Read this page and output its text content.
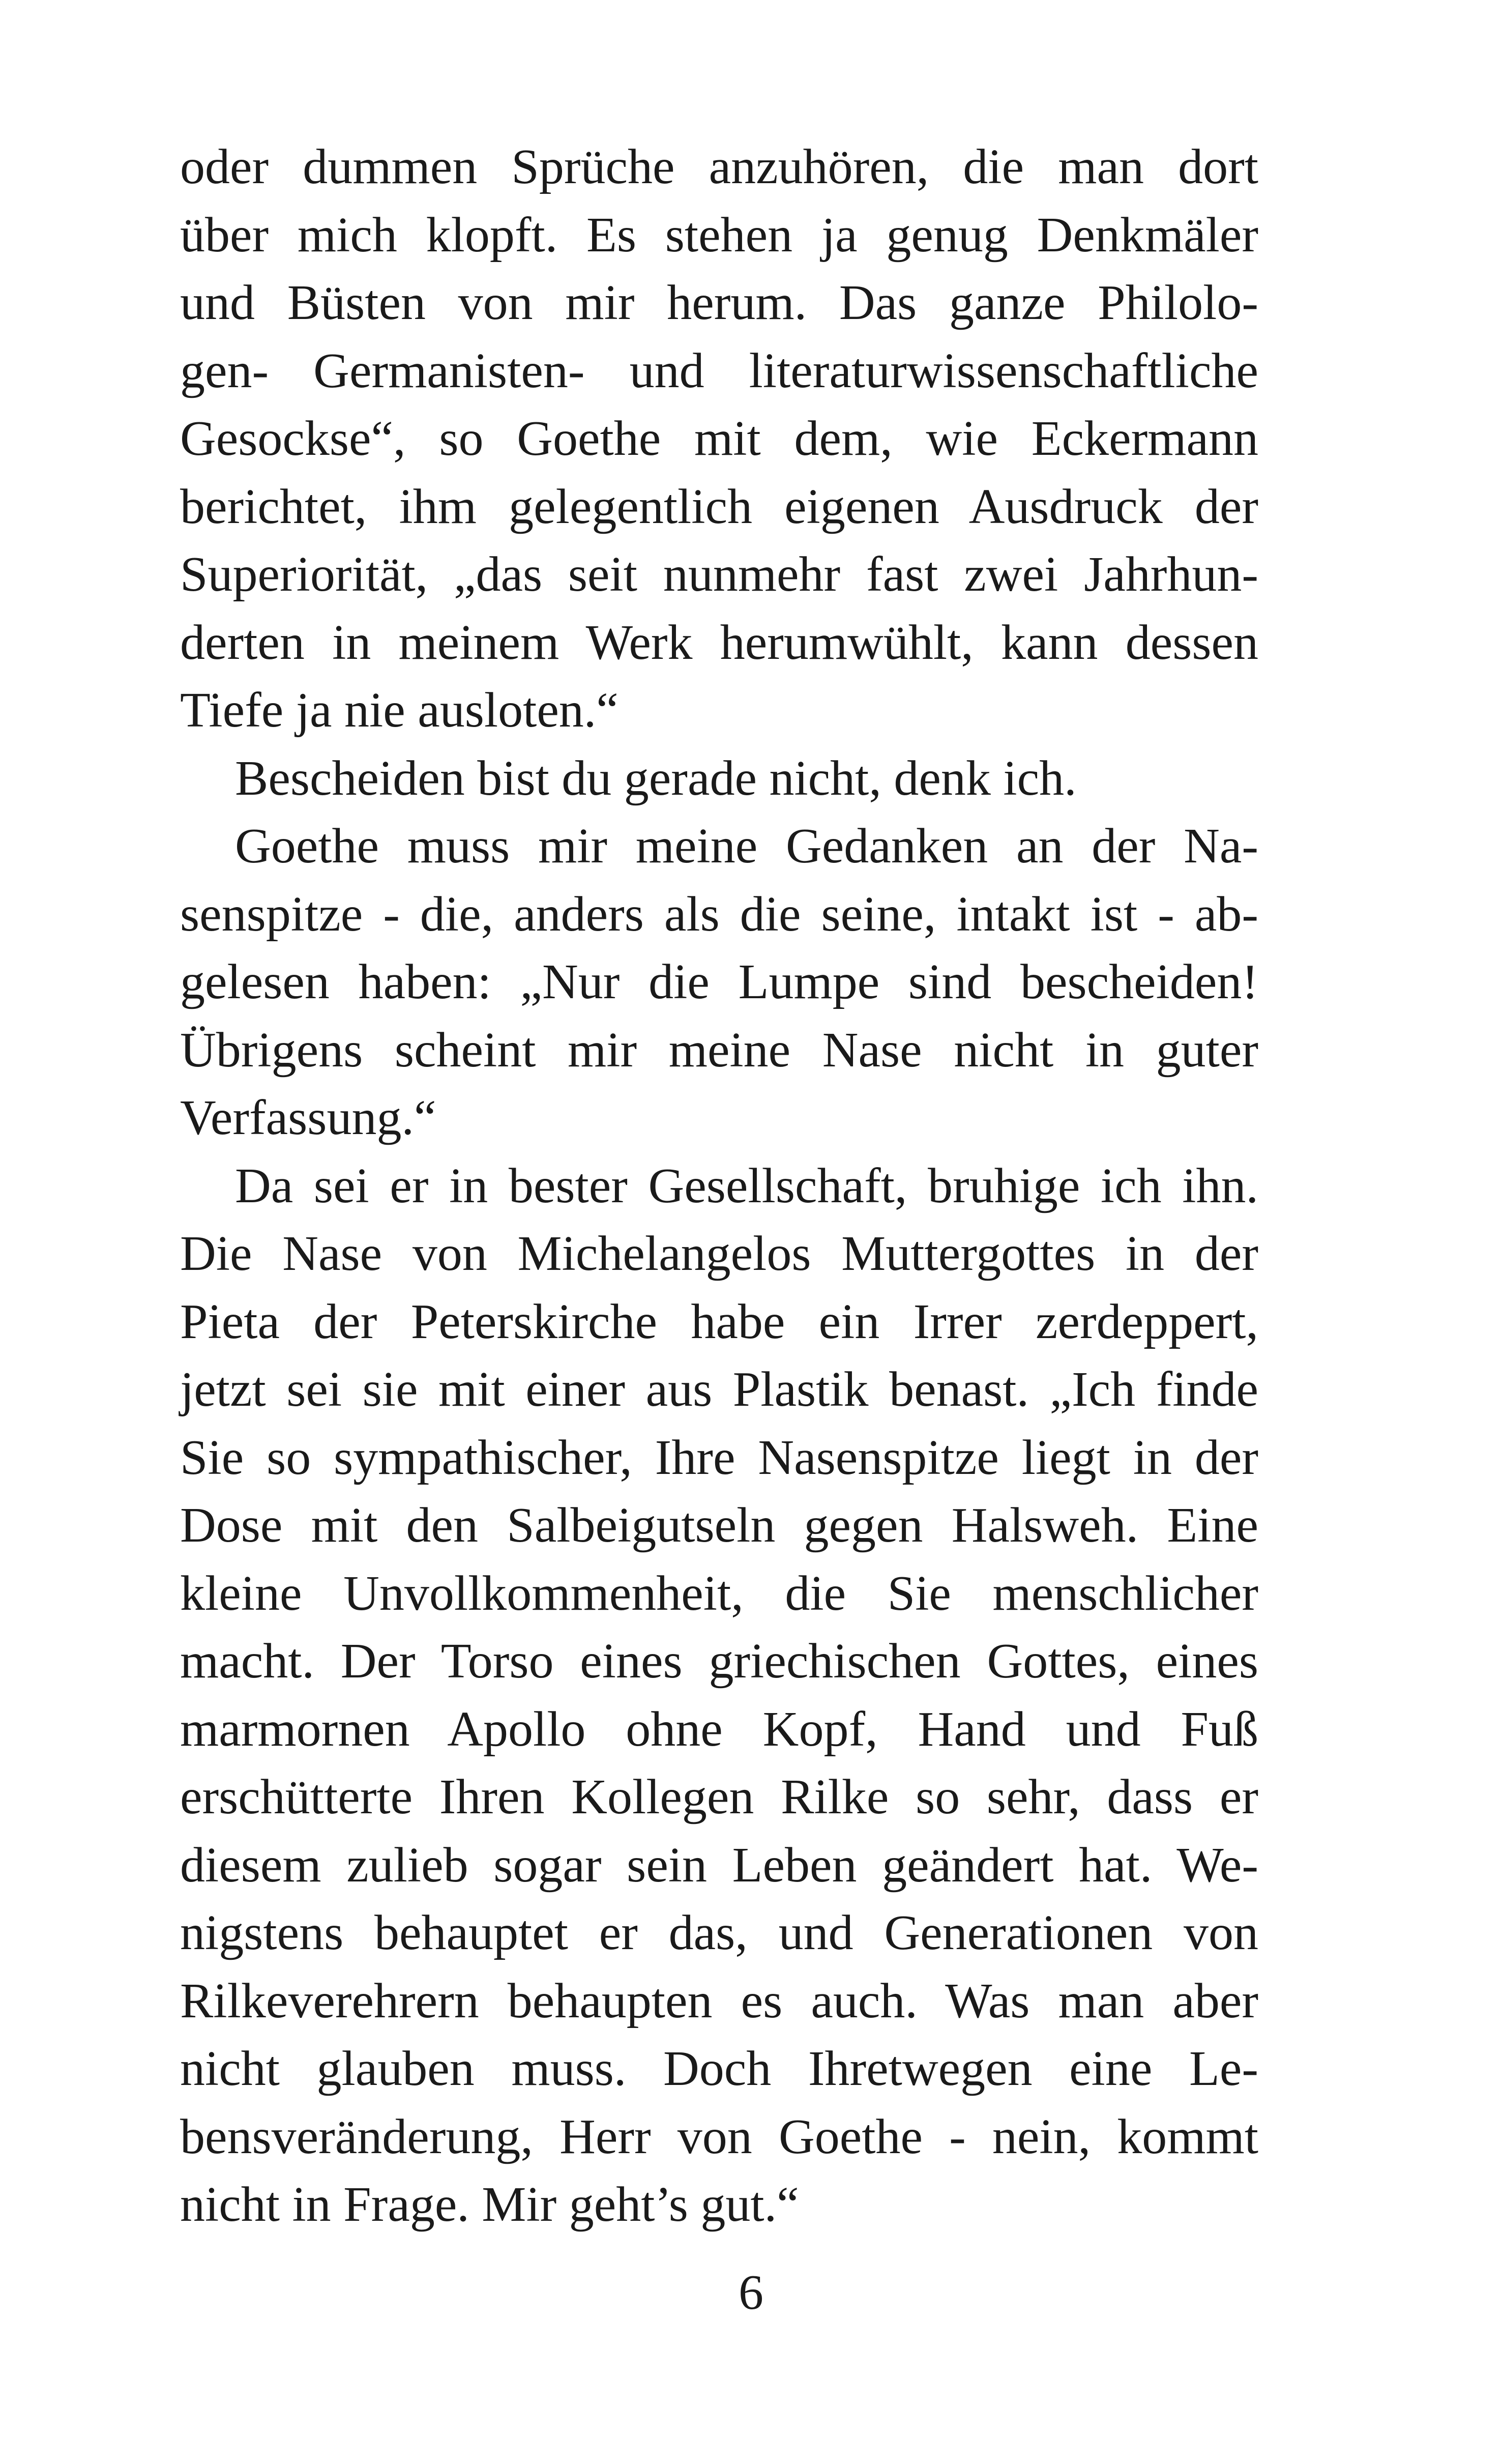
oder dummen Sprüche anzuhören, die man dort
über mich klopft. Es stehen ja genug Denkmäler
und Büsten von mir herum. Das ganze Philolo-
gen- Germanisten- und literaturwissenschaftliche
Gesockse“, so Goethe mit dem, wie Eckermann
berichtet, ihm gelegentlich eigenen Ausdruck der
Superiorität, „das seit nunmehr fast zwei Jahrhun-
derten in meinem Werk herumwühlt, kann dessen
Tiefe ja nie ausloten.“
Bescheiden bist du gerade nicht, denk ich.
Goethe muss mir meine Gedanken an der Na-
senspitze - die, anders als die seine, intakt ist - ab-
gelesen haben: „Nur die Lumpe sind bescheiden!
Übrigens scheint mir meine Nase nicht in guter
Verfassung.“
Da sei er in bester Gesellschaft, bruhige ich ihn.
Die Nase von Michelangelos Muttergottes in der
Pieta der Peterskirche habe ein Irrer zerdeppert,
jetzt sei sie mit einer aus Plastik benast. „Ich finde
Sie so sympathischer, Ihre Nasenspitze liegt in der
Dose mit den Salbeigutseln gegen Halsweh. Eine
kleine Unvollkommenheit, die Sie menschlicher
macht. Der Torso eines griechischen Gottes, eines
marmornen Apollo ohne Kopf, Hand und Fuß
erschütterte Ihren Kollegen Rilke so sehr, dass er
diesem zulieb sogar sein Leben geändert hat. We-
nigstens behauptet er das, und Generationen von
Rilkeverehrern behaupten es auch. Was man aber
nicht glauben muss. Doch Ihretwegen eine Le-
bensveränderung, Herr von Goethe - nein, kommt
nicht in Frage. Mir geht’s gut.“
6
